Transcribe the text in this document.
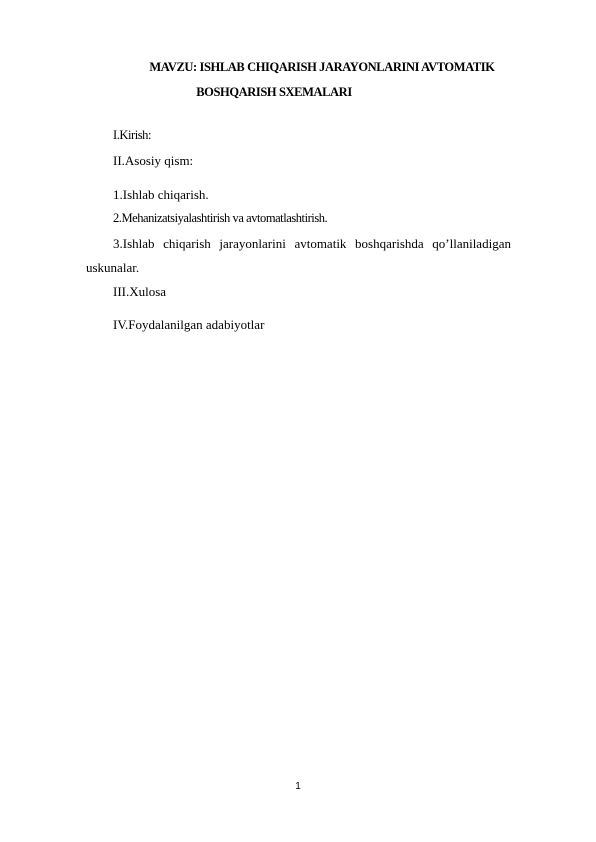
MAVZU: ISHLAB CHIQARISH JARAYONLARINI AVTOMATIK
BOSHQARISH SXEMALARI
I.Kirish:
II.Asosiy qism:
1.Ishlab chiqarish.
2.Mehanizatsiyalashtirish va avtomatlashtirish.
3.Ishlab chiqarish jarayonlarini avtomatik boshqarishda qo’llaniladigan
uskunalar.
III.Xulosa
IV.Foydalanilgan adabiyotlar
1
